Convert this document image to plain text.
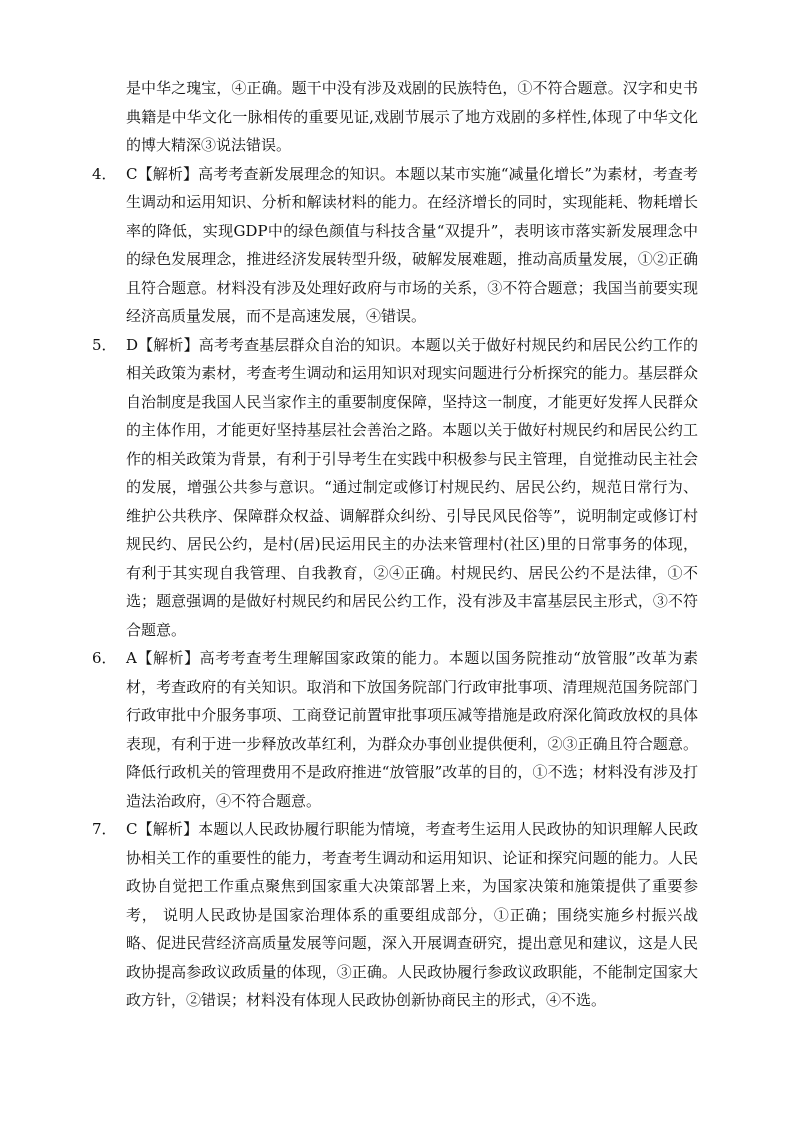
是中华之瑰宝，④正确。题干中没有涉及戏剧的民族特色，①不符合题意。汉字和史书典籍是中华文化一脉相传的重要见证,戏剧节展示了地方戏剧的多样性,体现了中华文化的博大精深③说法错误。

4． C【解析】高考考查新发展理念的知识。本题以某市实施“减量化增长”为素材，考查考生调动和运用知识、分析和解读材料的能力。在经济增长的同时，实现能耗、物耗增长率的降低，实现GDP中的绿色颜值与科技含量“双提升”，表明该市落实新发展理念中的绿色发展理念，推进经济发展转型升级，破解发展难题，推动高质量发展，①②正确且符合题意。材料没有涉及处理好政府与市场的关系，③不符合题意；我国当前要实现经济高质量发展，而不是高速发展，④错误。
5． D【解析】高考考查基层群众自治的知识。本题以关于做好村规民约和居民公约工作的相关政策为素材，考查考生调动和运用知识对现实问题进行分析探究的能力。基层群众自治制度是我国人民当家作主的重要制度保障，坚持这一制度，才能更好发挥人民群众的主体作用，才能更好坚持基层社会善治之路。本题以关于做好村规民约和居民公约工作的相关政策为背景，有利于引导考生在实践中积极参与民主管理，自觉推动民主社会的发展，增强公共参与意识。“通过制定或修订村规民约、居民公约，规范日常行为、维护公共秩序、保障群众权益、调解群众纠纷、引导民风民俗等”，说明制定或修订村规民约、居民公约，是村(居)民运用民主的办法来管理村(社区)里的日常事务的体现，有利于其实现自我管理、自我教育，②④正确。村规民约、居民公约不是法律，①不选；题意强调的是做好村规民约和居民公约工作，没有涉及丰富基层民主形式，③不符合题意。
6． A【解析】高考考查考生理解国家政策的能力。本题以国务院推动“放管服”改革为素材，考查政府的有关知识。取消和下放国务院部门行政审批事项、清理规范国务院部门行政审批中介服务事项、工商登记前置审批事项压减等措施是政府深化简政放权的具体表现，有利于进一步释放改革红利，为群众办事创业提供便利，②③正确且符合题意。降低行政机关的管理费用不是政府推进“放管服”改革的目的，①不选；材料没有涉及打造法治政府，④不符合题意。
7． C【解析】本题以人民政协履行职能为情境，考查考生运用人民政协的知识理解人民政协相关工作的重要性的能力，考查考生调动和运用知识、论证和探究问题的能力。人民政协自觉把工作重点聚焦到国家重大决策部署上来，为国家决策和施策提供了重要参考， 说明人民政协是国家治理体系的重要组成部分，①正确；围绕实施乡村振兴战略、促进民营经济高质量发展等问题，深入开展调查研究，提出意见和建议，这是人民政协提高参政议政质量的体现，③正确。人民政协履行参政议政职能，不能制定国家大政方针，②错误；材料没有体现人民政协创新协商民主的形式，④不选。
